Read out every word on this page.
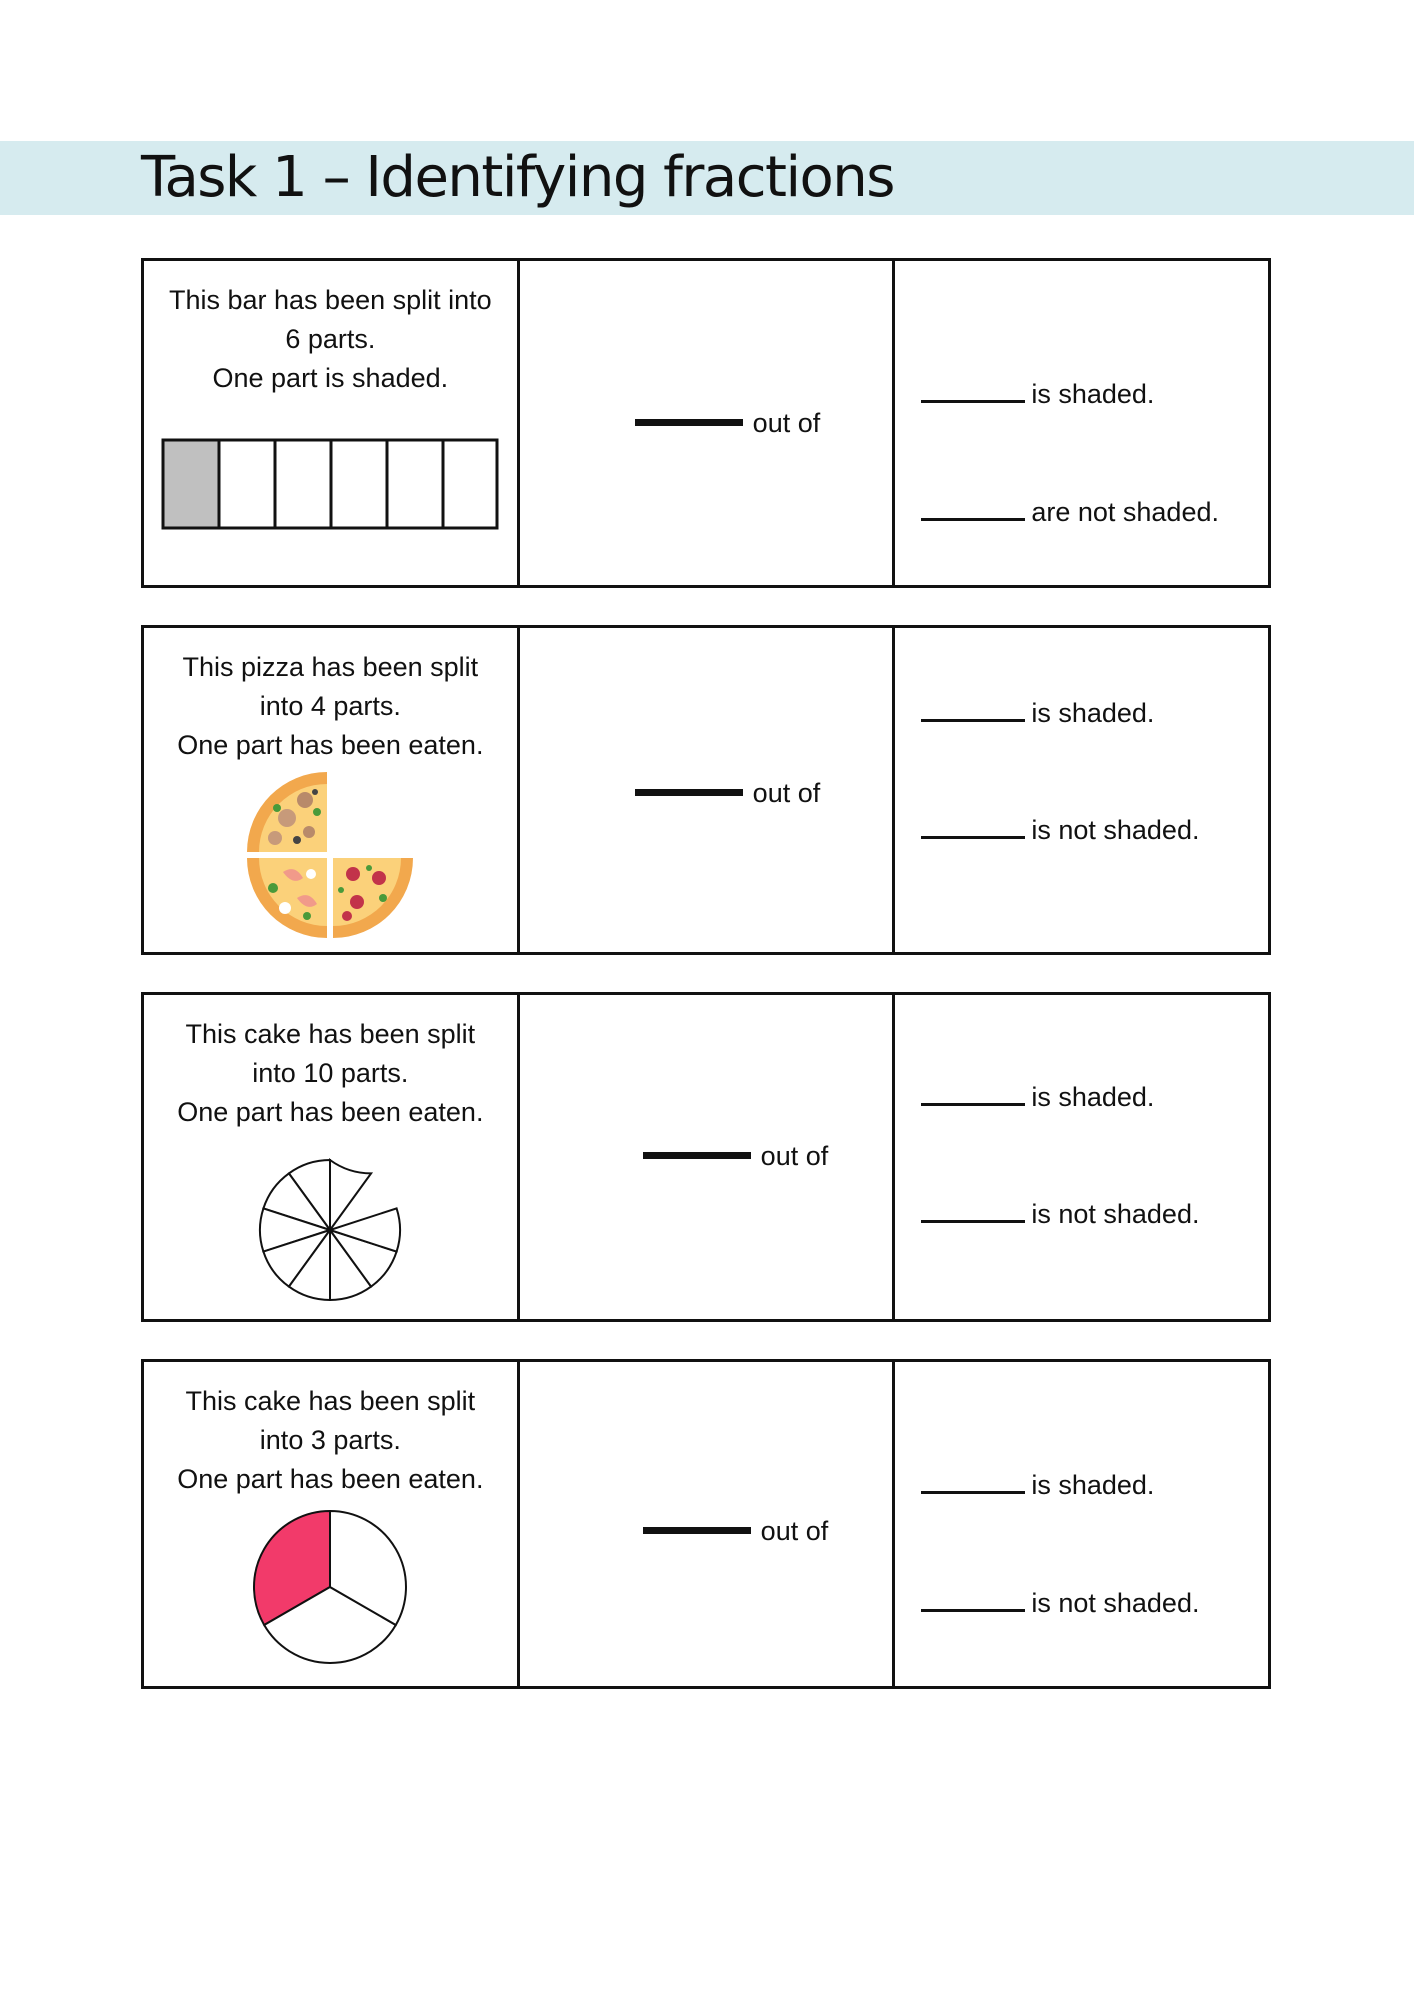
Task 1 – Identifying fractions
This bar has been split into
6 parts.
One part is shaded.
out of
is shaded.
are not shaded.
This pizza has been split
into 4 parts.
One part has been eaten.
out of
is shaded.
is not shaded.
This cake has been split
into 10 parts.
One part has been eaten.
out of
is shaded.
is not shaded.
This cake has been split
into 3 parts.
One part has been eaten.
out of
is shaded.
is not shaded.
